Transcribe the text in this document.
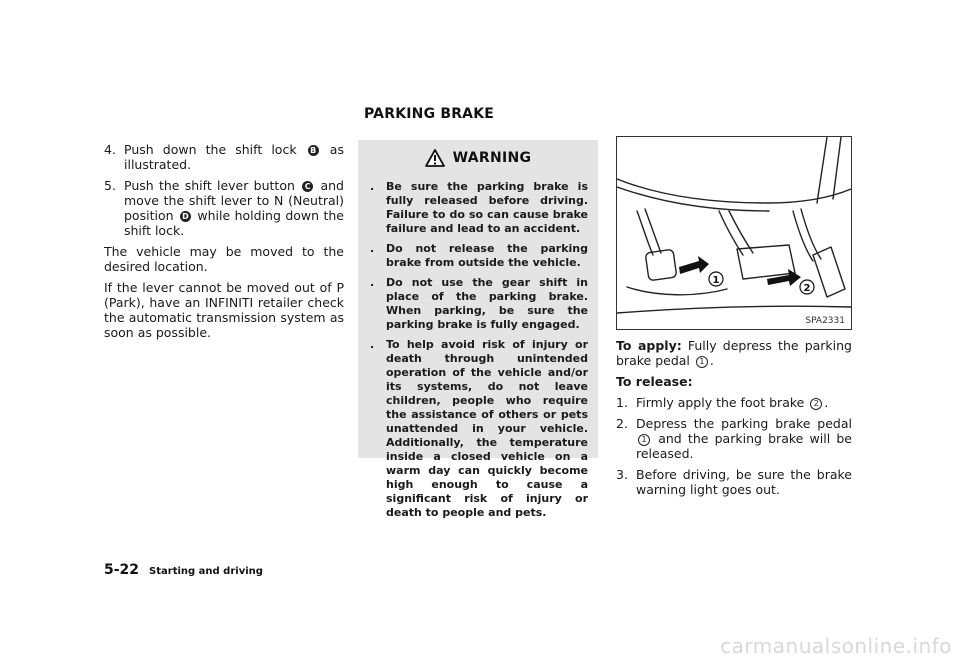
PARKING BRAKE
4. Push down the shift lock B as illustrated.
5. Push the shift lever button C and move the shift lever to N (Neutral) position D while holding down the shift lock.
The vehicle may be moved to the desired location.
If the lever cannot be moved out of P (Park), have an INFINITI retailer check the automatic transmission system as soon as possible.
WARNING
. Be sure the parking brake is fully released before driving. Failure to do so can cause brake failure and lead to an accident.
. Do not release the parking brake from outside the vehicle.
. Do not use the gear shift in place of the parking brake. When parking, be sure the parking brake is fully engaged.
. To help avoid risk of injury or death through unintended operation of the vehicle and/or its systems, do not leave children, people who require the assistance of others or pets unattended in your vehicle. Additionally, the temperature inside a closed vehicle on a warm day can quickly become high enough to cause a significant risk of injury or death to people and pets.
1
2
SPA2331
To apply: Fully depress the parking brake pedal 1 .
To release:
1. Firmly apply the foot brake 2 .
2. Depress the parking brake pedal 1 and the parking brake will be released.
3. Before driving, be sure the brake warning light goes out.
5-22 Starting and driving
carmanualsonline.info
